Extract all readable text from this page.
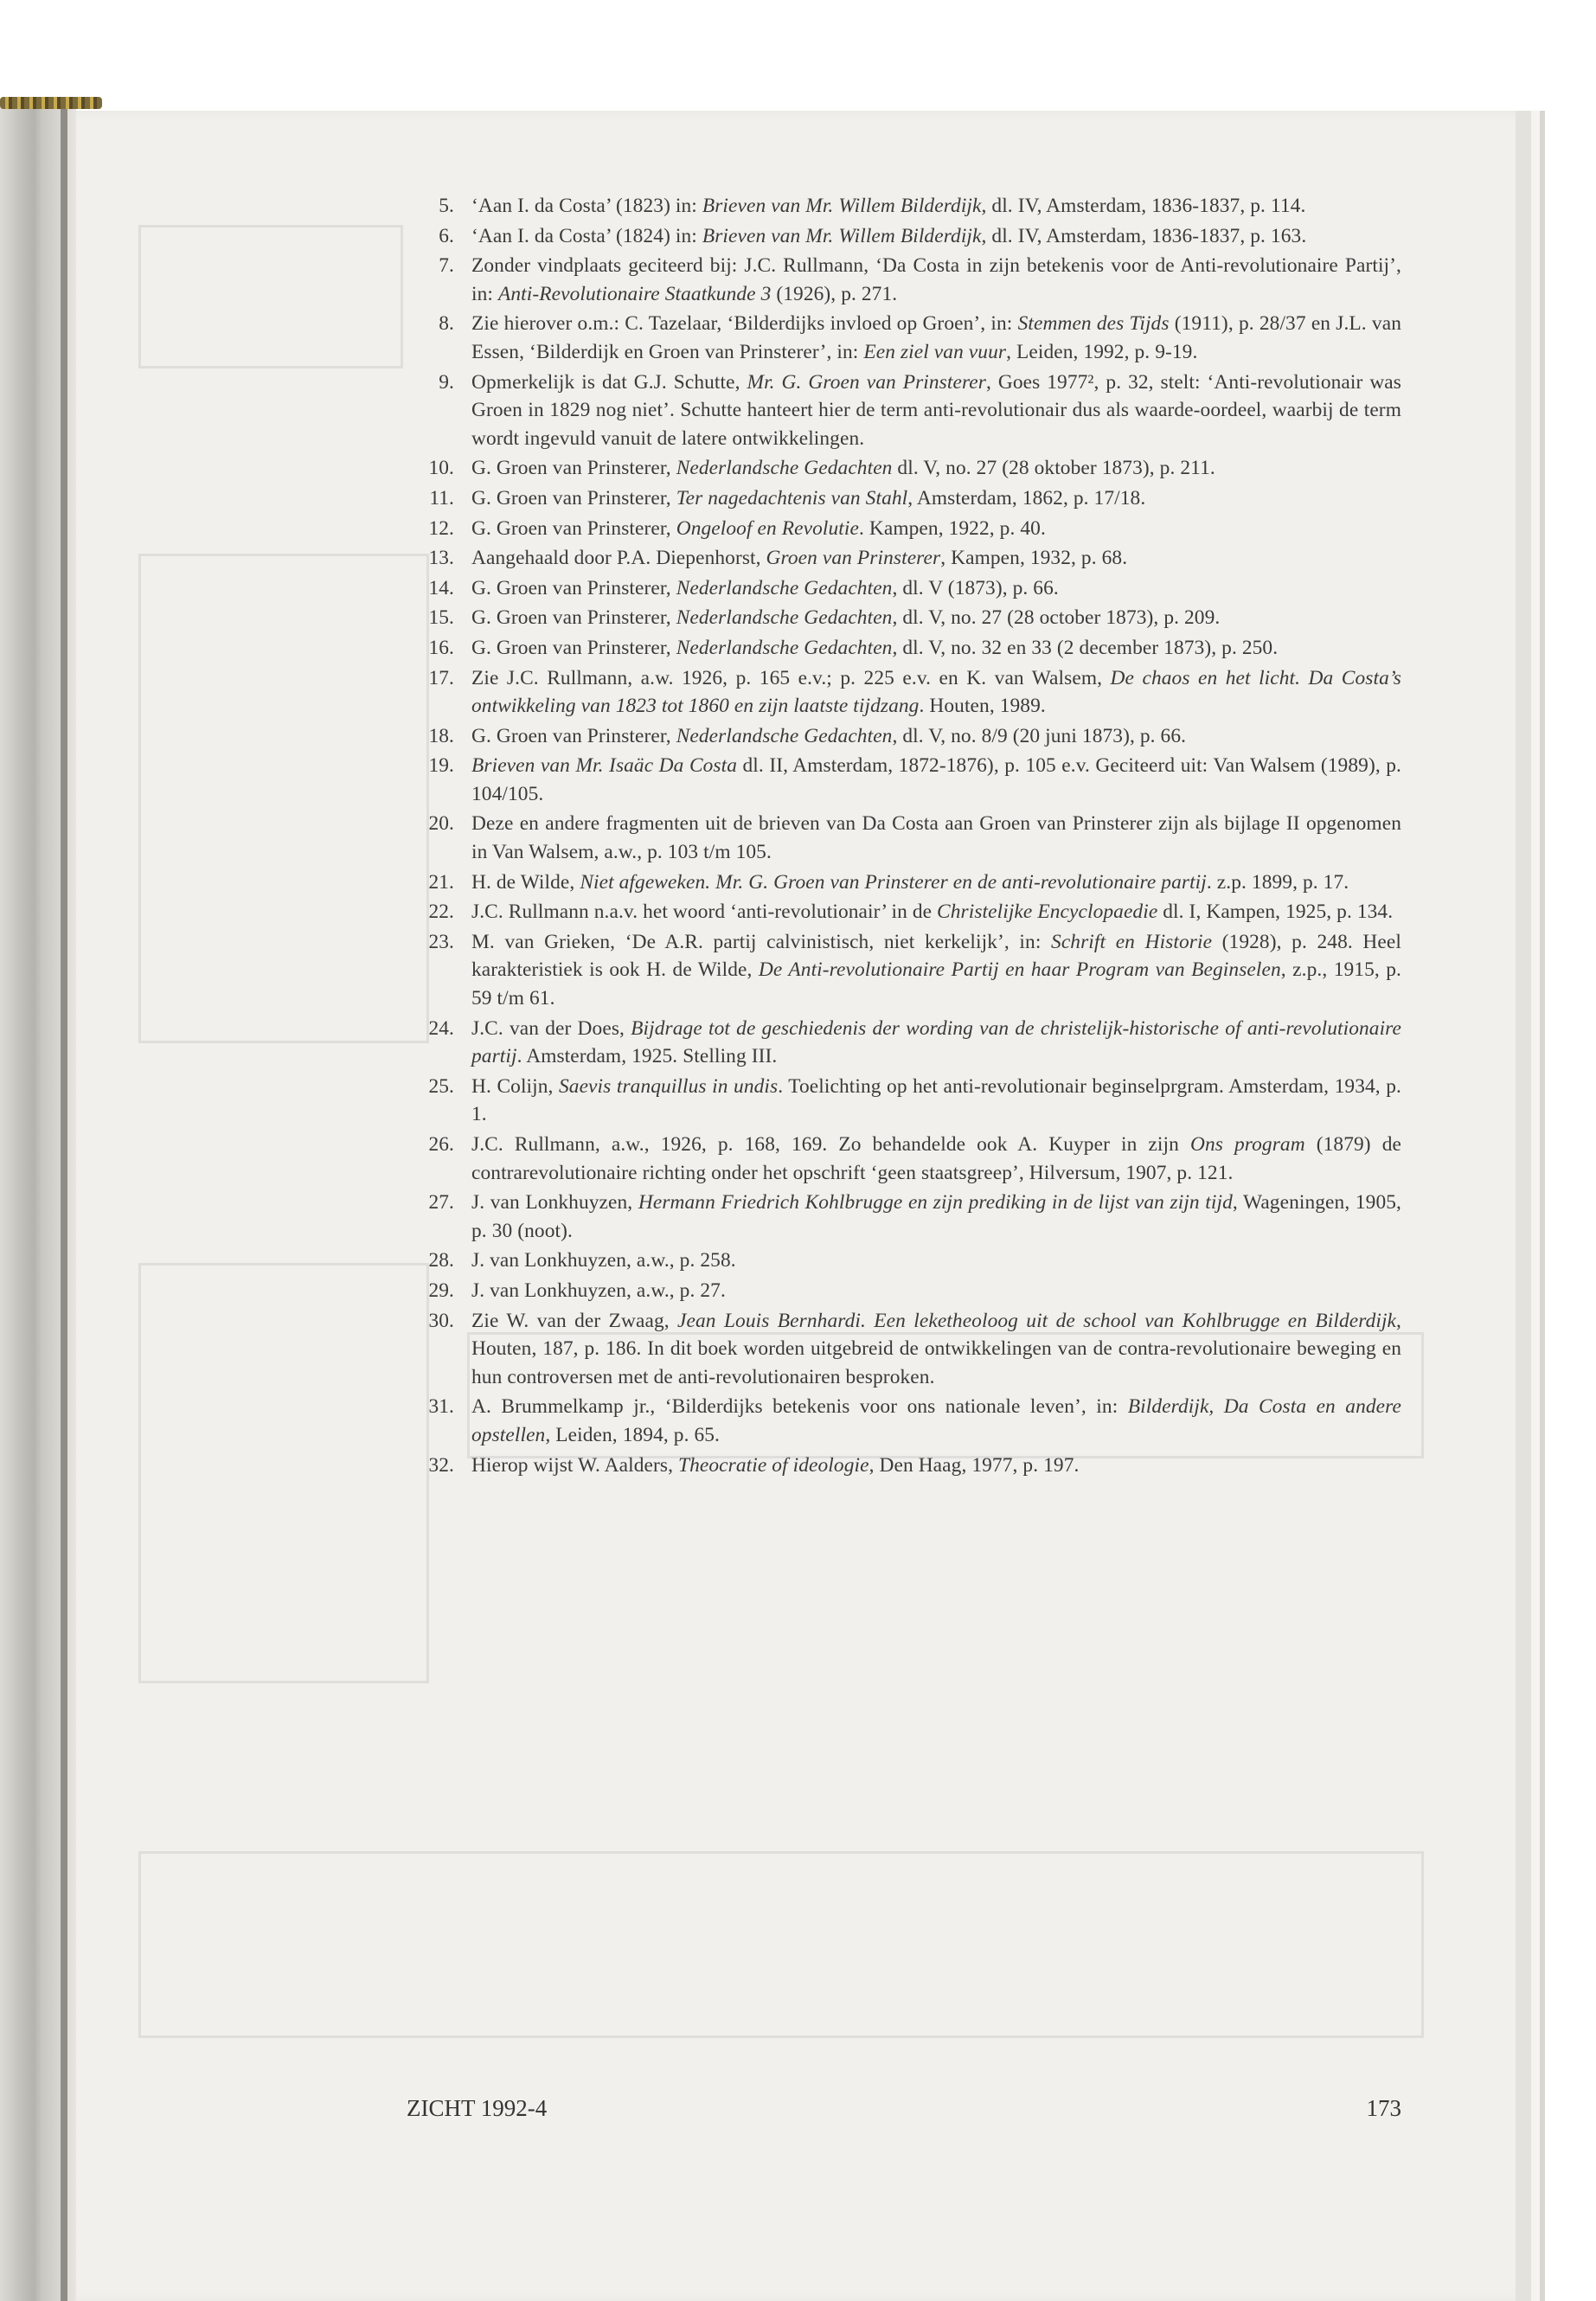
5. ‘Aan I. da Costa’ (1823) in: Brieven van Mr. Willem Bilderdijk, dl. IV, Amsterdam, 1836-1837, p. 114.
6. ‘Aan I. da Costa’ (1824) in: Brieven van Mr. Willem Bilderdijk, dl. IV, Amsterdam, 1836-1837, p. 163.
7. Zonder vindplaats geciteerd bij: J.C. Rullmann, ‘Da Costa in zijn betekenis voor de Anti-revolutionaire Partij’, in: Anti-Revolutionaire Staatkunde 3 (1926), p. 271.
8. Zie hierover o.m.: C. Tazelaar, ‘Bilderdijks invloed op Groen’, in: Stemmen des Tijds (1911), p. 28/37 en J.L. van Essen, ‘Bilderdijk en Groen van Prinsterer’, in: Een ziel van vuur, Leiden, 1992, p. 9-19.
9. Opmerkelijk is dat G.J. Schutte, Mr. G. Groen van Prinsterer, Goes 1977², p. 32, stelt: ‘Anti-revolutionair was Groen in 1829 nog niet’. Schutte hanteert hier de term anti-revolutionair dus als waarde-oordeel, waarbij de term wordt ingevuld vanuit de latere ontwikkelingen.
10. G. Groen van Prinsterer, Nederlandsche Gedachten dl. V, no. 27 (28 oktober 1873), p. 211.
11. G. Groen van Prinsterer, Ter nagedachtenis van Stahl, Amsterdam, 1862, p. 17/18.
12. G. Groen van Prinsterer, Ongeloof en Revolutie. Kampen, 1922, p. 40.
13. Aangehaald door P.A. Diepenhorst, Groen van Prinsterer, Kampen, 1932, p. 68.
14. G. Groen van Prinsterer, Nederlandsche Gedachten, dl. V (1873), p. 66.
15. G. Groen van Prinsterer, Nederlandsche Gedachten, dl. V, no. 27 (28 october 1873), p. 209.
16. G. Groen van Prinsterer, Nederlandsche Gedachten, dl. V, no. 32 en 33 (2 december 1873), p. 250.
17. Zie J.C. Rullmann, a.w. 1926, p. 165 e.v.; p. 225 e.v. en K. van Walsem, De chaos en het licht. Da Costa’s ontwikkeling van 1823 tot 1860 en zijn laatste tijdzang. Houten, 1989.
18. G. Groen van Prinsterer, Nederlandsche Gedachten, dl. V, no. 8/9 (20 juni 1873), p. 66.
19. Brieven van Mr. Isaäc Da Costa dl. II, Amsterdam, 1872-1876), p. 105 e.v. Geciteerd uit: Van Walsem (1989), p. 104/105.
20. Deze en andere fragmenten uit de brieven van Da Costa aan Groen van Prinsterer zijn als bijlage II opgenomen in Van Walsem, a.w., p. 103 t/m 105.
21. H. de Wilde, Niet afgeweken. Mr. G. Groen van Prinsterer en de anti-revolutionaire partij. z.p. 1899, p. 17.
22. J.C. Rullmann n.a.v. het woord ‘anti-revolutionair’ in de Christelijke Encyclopaedie dl. I, Kampen, 1925, p. 134.
23. M. van Grieken, ‘De A.R. partij calvinistisch, niet kerkelijk’, in: Schrift en Historie (1928), p. 248. Heel karakteristiek is ook H. de Wilde, De Anti-revolutionaire Partij en haar Program van Beginselen, z.p., 1915, p. 59 t/m 61.
24. J.C. van der Does, Bijdrage tot de geschiedenis der wording van de christelijk-historische of anti-revolutionaire partij. Amsterdam, 1925. Stelling III.
25. H. Colijn, Saevis tranquillus in undis. Toelichting op het anti-revolutionair beginselprgram. Amsterdam, 1934, p. 1.
26. J.C. Rullmann, a.w., 1926, p. 168, 169. Zo behandelde ook A. Kuyper in zijn Ons program (1879) de contrarevolutionaire richting onder het opschrift ‘geen staatsgreep’, Hilversum, 1907, p. 121.
27. J. van Lonkhuyzen, Hermann Friedrich Kohlbrugge en zijn prediking in de lijst van zijn tijd, Wageningen, 1905, p. 30 (noot).
28. J. van Lonkhuyzen, a.w., p. 258.
29. J. van Lonkhuyzen, a.w., p. 27.
30. Zie W. van der Zwaag, Jean Louis Bernhardi. Een leketheoloog uit de school van Kohlbrugge en Bilderdijk, Houten, 187, p. 186. In dit boek worden uitgebreid de ontwikkelingen van de contra-revolutionaire beweging en hun controversen met de anti-revolutionairen besproken.
31. A. Brummelkamp jr., ‘Bilderdijks betekenis voor ons nationale leven’, in: Bilderdijk, Da Costa en andere opstellen, Leiden, 1894, p. 65.
32. Hierop wijst W. Aalders, Theocratie of ideologie, Den Haag, 1977, p. 197.
ZICHT 1992-4	173
